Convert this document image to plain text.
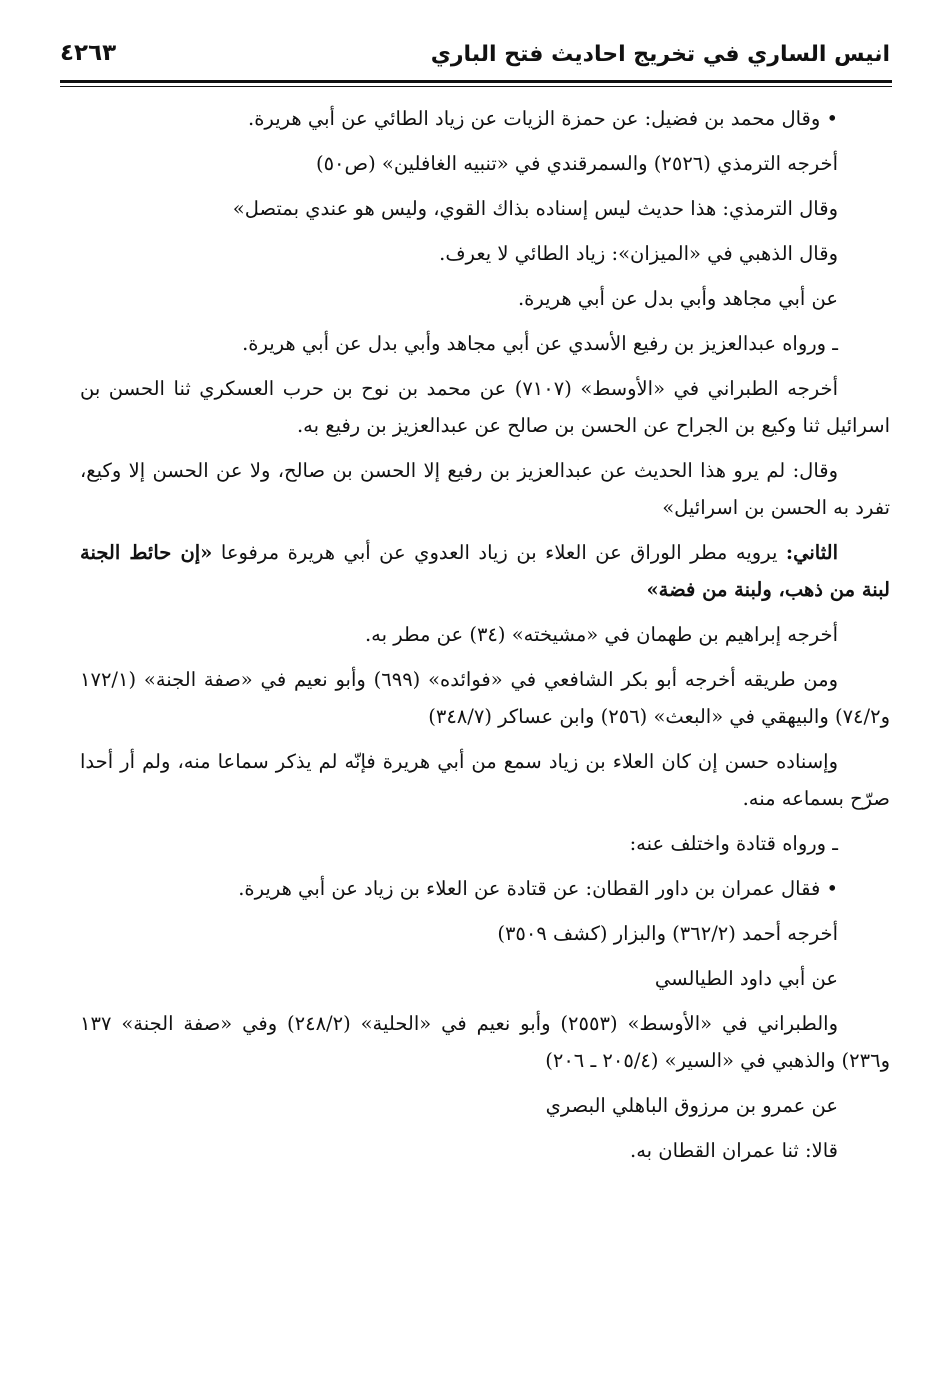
انيس الساري في تخريج احاديث فتح الباري
٤٢٦٣

• وقال محمد بن فضيل: عن حمزة الزيات عن زياد الطائي عن أبي هريرة.

أخرجه الترمذي (٢٥٢٦) والسمرقندي في «تنبيه الغافلين» (ص٥٠)

وقال الترمذي: هذا حديث ليس إسناده بذاك القوي، وليس هو عندي بمتصل»

وقال الذهبي في «الميزان»: زياد الطائي لا يعرف.

عن أبي مجاهد وأبي بدل عن أبي هريرة.

ـ ورواه عبدالعزيز بن رفيع الأسدي عن أبي مجاهد وأبي بدل عن أبي هريرة.

أخرجه الطبراني في «الأوسط» (٧١٠٧) عن محمد بن نوح بن حرب العسكري ثنا الحسن بن اسرائيل ثنا وكيع بن الجراح عن الحسن بن صالح عن عبدالعزيز بن رفيع به.

وقال: لم يرو هذا الحديث عن عبدالعزيز بن رفيع إلا الحسن بن صالح، ولا عن الحسن إلا وكيع، تفرد به الحسن بن اسرائيل»

الثاني: يرويه مطر الوراق عن العلاء بن زياد العدوي عن أبي هريرة مرفوعا «إن حائط الجنة لبنة من ذهب، ولبنة من فضة»

أخرجه إبراهيم بن طهمان في «مشيخته» (٣٤) عن مطر به.

ومن طريقه أخرجه أبو بكر الشافعي في «فوائده» (٦٩٩) وأبو نعيم في «صفة الجنة» (١٧٢/١ و٧٤/٢) والبيهقي في «البعث» (٢٥٦) وابن عساكر (٣٤٨/٧)

وإسناده حسن إن كان العلاء بن زياد سمع من أبي هريرة فإنّه لم يذكر سماعا منه، ولم أر أحدا صرّح بسماعه منه.

ـ ورواه قتادة واختلف عنه:

• فقال عمران بن داور القطان: عن قتادة عن العلاء بن زياد عن أبي هريرة.

أخرجه أحمد (٣٦٢/٢) والبزار (كشف ٣٥٠٩)

عن أبي داود الطيالسي

والطبراني في «الأوسط» (٢٥٥٣) وأبو نعيم في «الحلية» (٢٤٨/٢) وفي «صفة الجنة» ١٣٧ و٢٣٦) والذهبي في «السير» (٢٠٥/٤ ـ ٢٠٦)

عن عمرو بن مرزوق الباهلي البصري

قالا: ثنا عمران القطان به.
